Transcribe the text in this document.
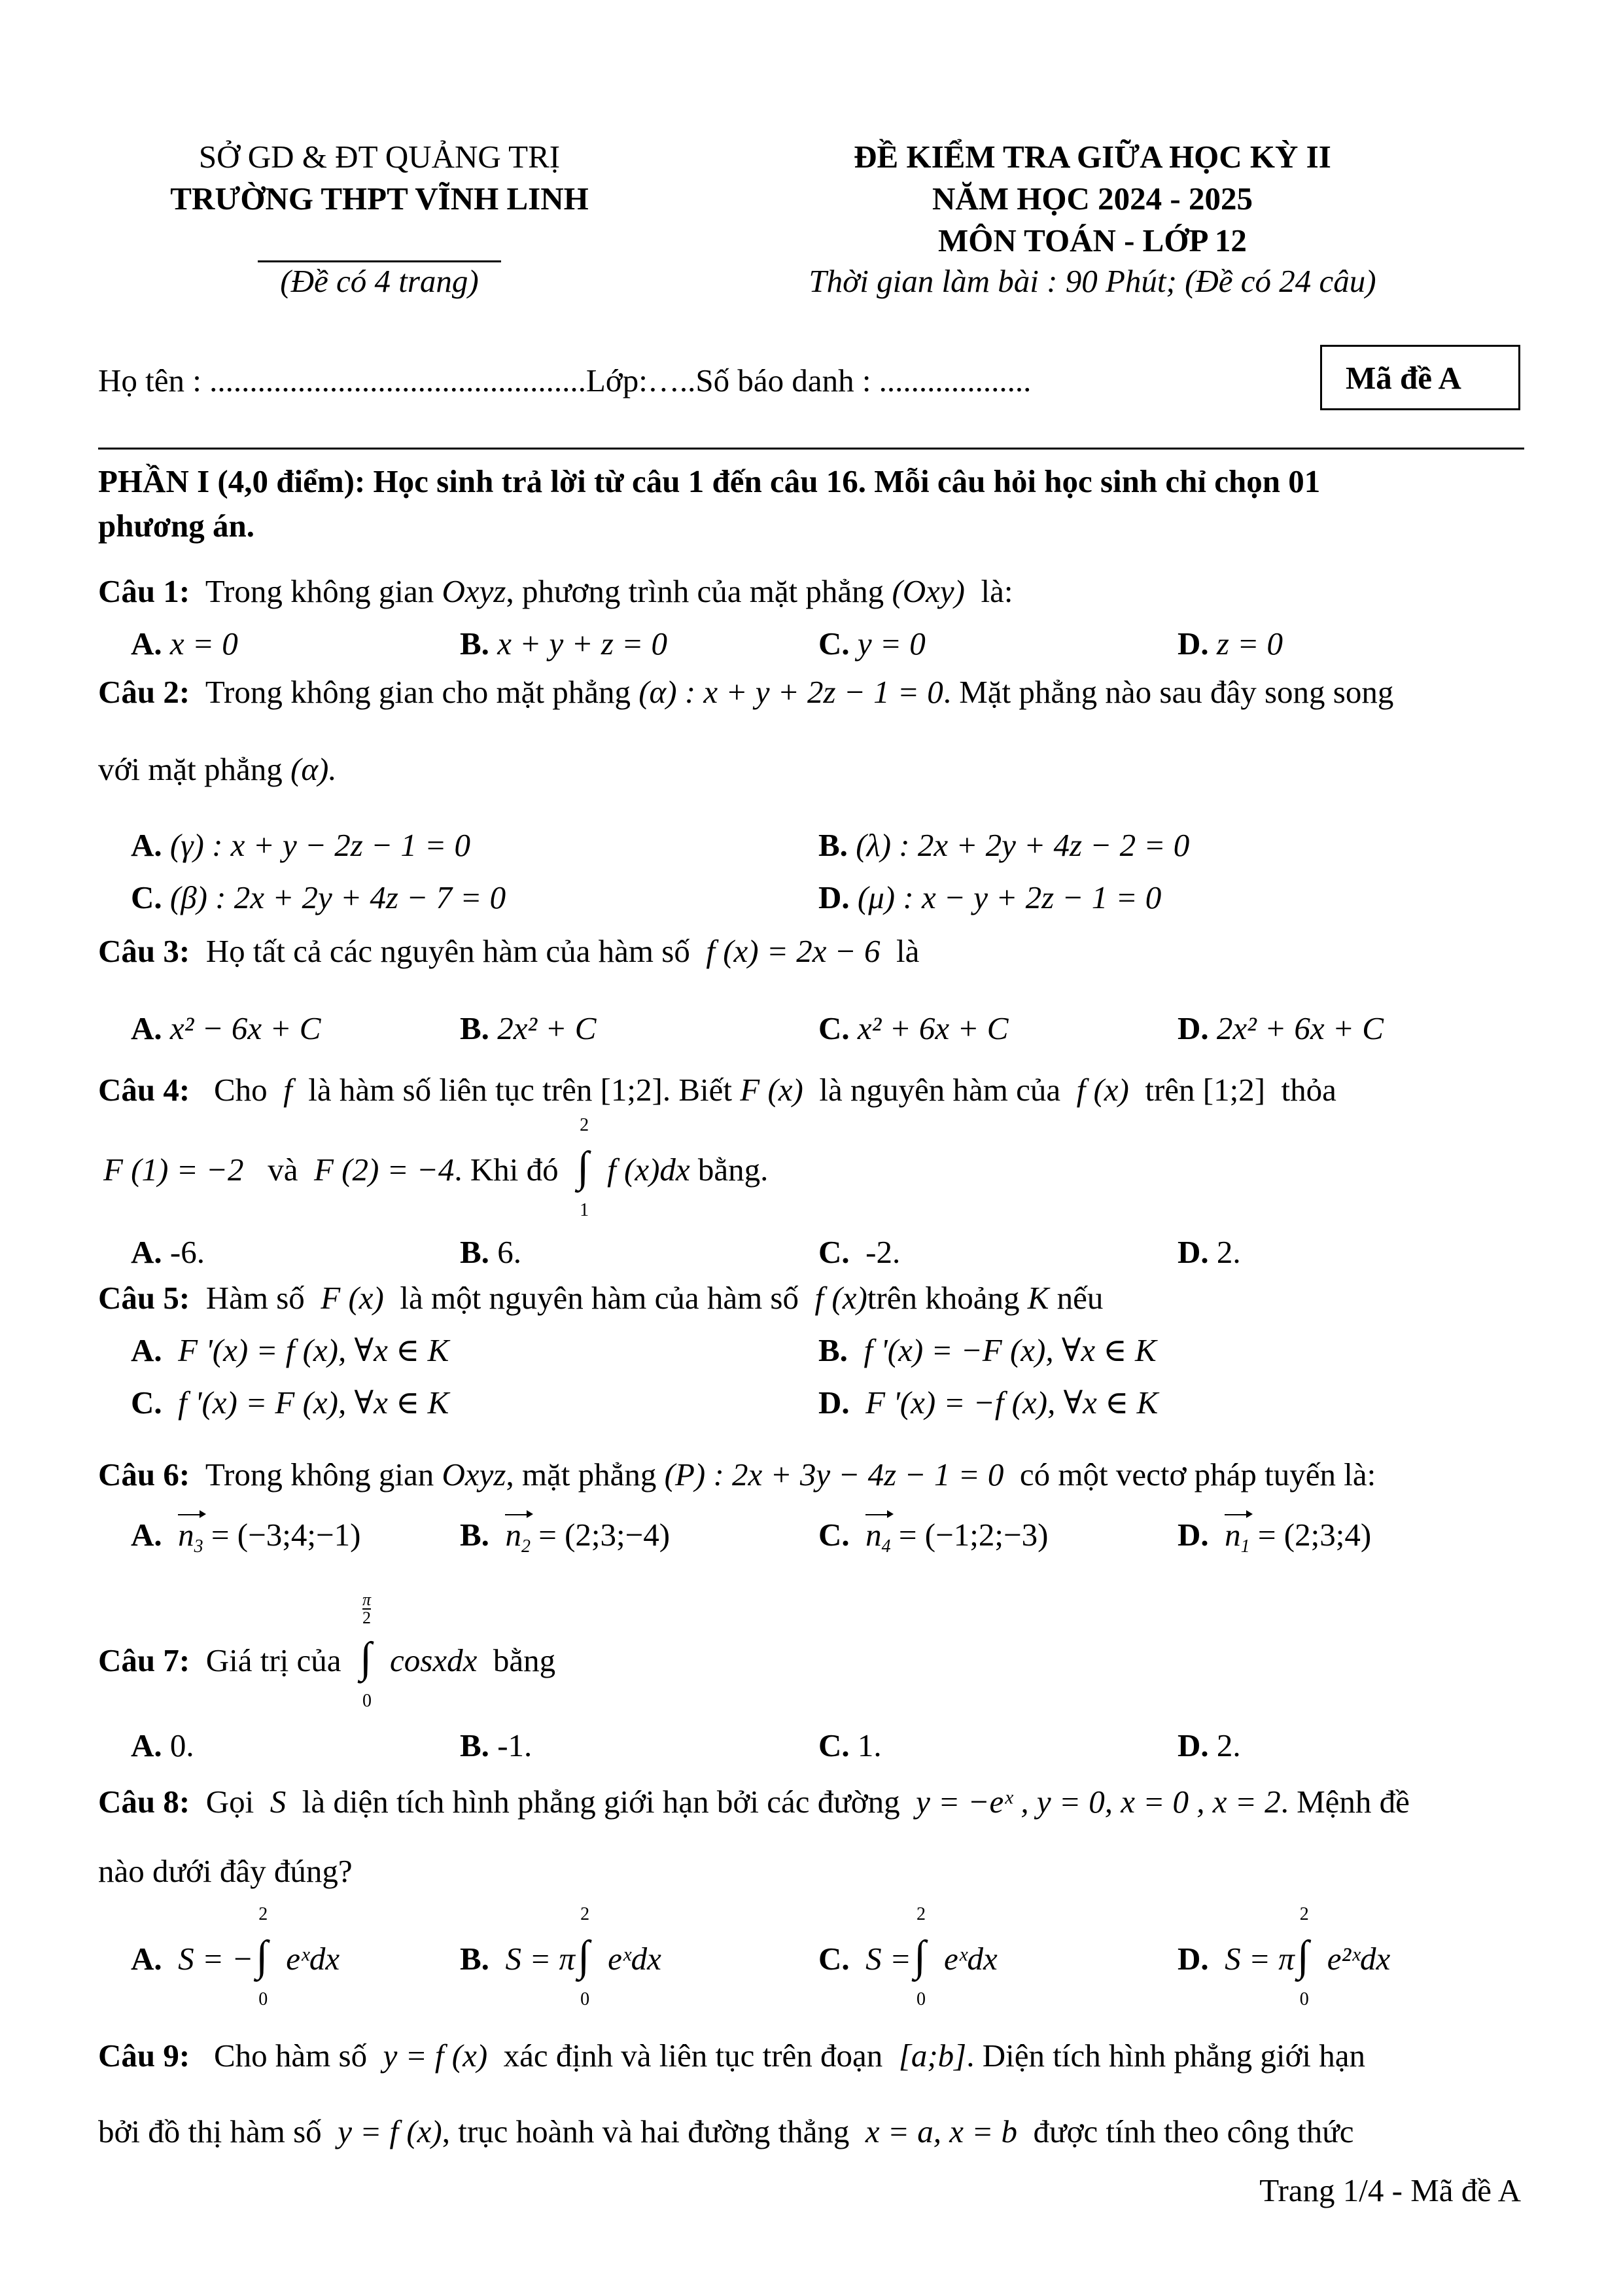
SỞ GD & ĐT QUẢNG TRỊ
TRƯỜNG THPT VĨNH LINH
(Đề có 4 trang)
ĐỀ KIỂM TRA GIỮA HỌC KỲ II
NĂM HỌC 2024 - 2025
MÔN TOÁN - LỚP 12
Thời gian làm bài : 90 Phút; (Đề có 24 câu)
Họ tên : ...............................................Lớp:…..Số báo danh : ...................	Mã đề A
PHẦN I (4,0 điểm): Học sinh trả lời từ câu 1 đến câu 16. Mỗi câu hỏi học sinh chỉ chọn 01
phương án.
Câu 1: Trong không gian Oxyz, phương trình của mặt phẳng (Oxy) là:
A. x = 0	B. x + y + z = 0	C. y = 0	D. z = 0
Câu 2: Trong không gian cho mặt phẳng (α) : x + y + 2z − 1 = 0. Mặt phẳng nào sau đây song song
với mặt phẳng (α).
A. (γ) : x + y − 2z − 1 = 0	B. (λ) : 2x + 2y + 4z − 2 = 0
C. (β) : 2x + 2y + 4z − 7 = 0	D. (μ) : x − y + 2z − 1 = 0
Câu 3: Họ tất cả các nguyên hàm của hàm số f (x) = 2x − 6 là
A. x² − 6x + C	B. 2x² + C	C. x² + 6x + C	D. 2x² + 6x + C
Câu 4: Cho f là hàm số liên tục trên [1;2]. Biết F (x) là nguyên hàm của f (x) trên [1;2] thỏa
F (1) = −2 và F (2) = −4. Khi đó ∫
2
1
f (x)dx bằng.
A. -6.	B. 6.	C. -2.	D. 2.
Câu 5: Hàm số F (x) là một nguyên hàm của hàm số f (x)trên khoảng K nếu
A. F '(x) = f (x), ∀x ∈ K	B. f '(x) = −F (x), ∀x ∈ K
C. f '(x) = F (x), ∀x ∈ K	D. F '(x) = −f (x), ∀x ∈ K
Câu 6: Trong không gian Oxyz, mặt phẳng (P) : 2x + 3y − 4z − 1 = 0 có một vectơ pháp tuyến là:
A. $n_3$ = (−3;4;−1)	B. $n_2$ = (2;3;−4)	C. $n_4$ = (−1;2;−3)	D. $n_1$ = (2;3;4)
Câu 7: Giá trị của ∫
$\frac{\pi}{2}$
0
cosxdx bằng
A. 0.	B. -1.	C. 1.	D. 2.
Câu 8: Gọi S là diện tích hình phẳng giới hạn bởi các đường y = −eˣ , y = 0, x = 0 , x = 2. Mệnh đề
nào dưới đây đúng?
A. S = − ∫
2
0
eˣdx	B. S = π ∫
2
0
eˣdx	C. S = ∫
2
0
eˣdx	D. S = π ∫
2
0
e²ˣdx
Câu 9: Cho hàm số y = f (x) xác định và liên tục trên đoạn [a;b]. Diện tích hình phẳng giới hạn
bởi đồ thị hàm số y = f (x), trục hoành và hai đường thẳng x = a, x = b được tính theo công thức
Trang 1/4 - Mã đề A
